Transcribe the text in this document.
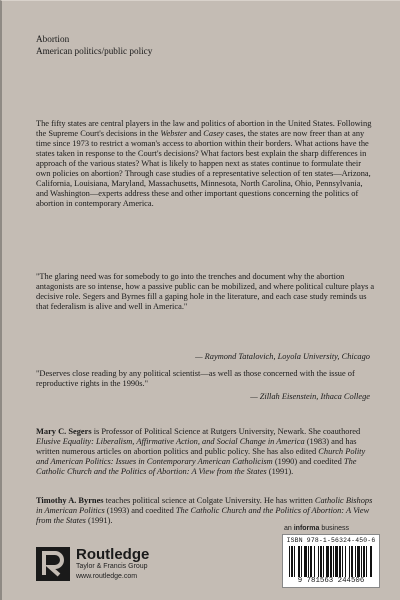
Abortion
American politics/public policy

The fifty states are central players in the law and politics of abortion in the United States. Following the Supreme Court's decisions in the Webster and Casey cases, the states are now freer than at any time since 1973 to restrict a woman's access to abortion within their borders. What actions have the states taken in response to the Court's decisions? What factors best explain the sharp differences in approach of the various states? What is likely to happen next as states continue to formulate their own policies on abortion? Through case studies of a representative selection of ten states—Arizona, California, Louisiana, Maryland, Massachusetts, Minnesota, North Carolina, Ohio, Pennsylvania, and Washington—experts address these and other important questions concerning the politics of abortion in contemporary America.

"The glaring need was for somebody to go into the trenches and document why the abortion antagonists are so intense, how a passive public can be mobilized, and where political culture plays a decisive role. Segers and Byrnes fill a gaping hole in the literature, and each case study reminds us that federalism is alive and well in America."

— Raymond Tatalovich, Loyola University, Chicago

"Deserves close reading by any political scientist—as well as those concerned with the issue of reproductive rights in the 1990s."

— Zillah Eisenstein, Ithaca College

Mary C. Segers is Professor of Political Science at Rutgers University, Newark. She coauthored Elusive Equality: Liberalism, Affirmative Action, and Social Change in America (1983) and has written numerous articles on abortion politics and public policy. She has also edited Church Polity and American Politics: Issues in Contemporary American Catholicism (1990) and coedited The Catholic Church and the Politics of Abortion: A View from the States (1991).

Timothy A. Byrnes teaches political science at Colgate University. He has written Catholic Bishops in American Politics (1993) and coedited The Catholic Church and the Politics of Abortion: A View from the States (1991).

Routledge
Taylor & Francis Group
www.routledge.com
an informa business
ISBN 978-1-56324-450-6
9 781563 244506
